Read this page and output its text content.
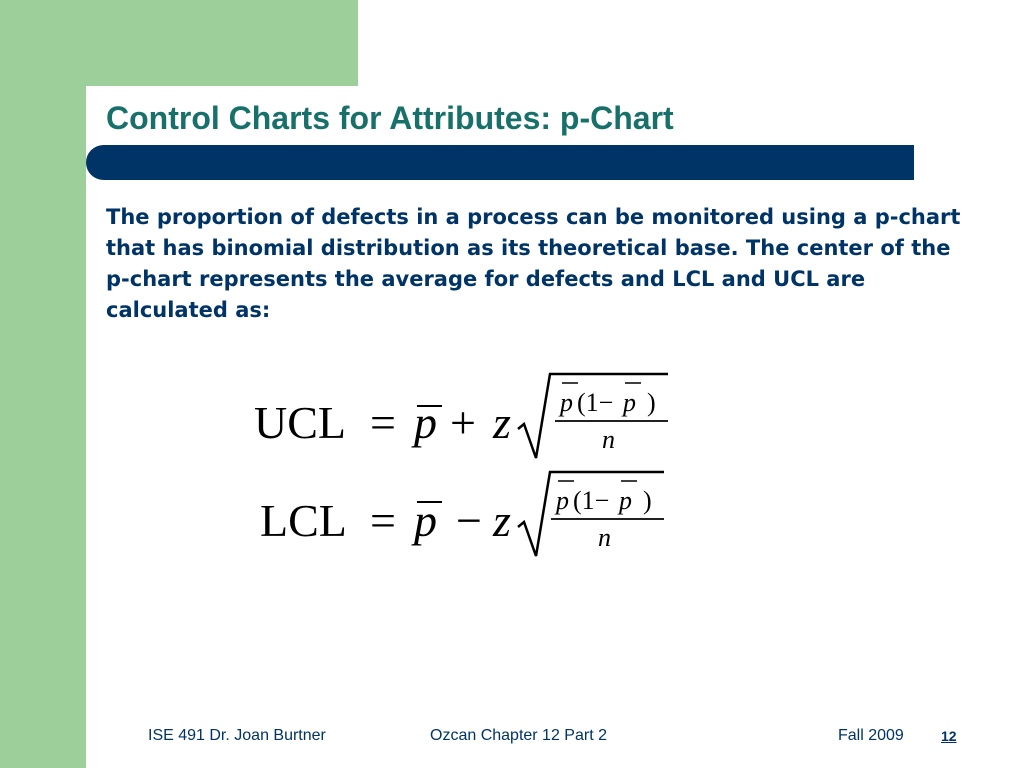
Control Charts for Attributes: p-Chart

The proportion of defects in a process can be monitored using a p-chart that has binomial distribution as its theoretical base. The center of the p-chart represents the average for defects and LCL and UCL are calculated as:

UCL = p + z p (1− p )
n
LCL = p − z p (1− p )
n
ISE 491 Dr. Joan Burtner	Ozcan Chapter 12 Part 2	Fall 2009	12
